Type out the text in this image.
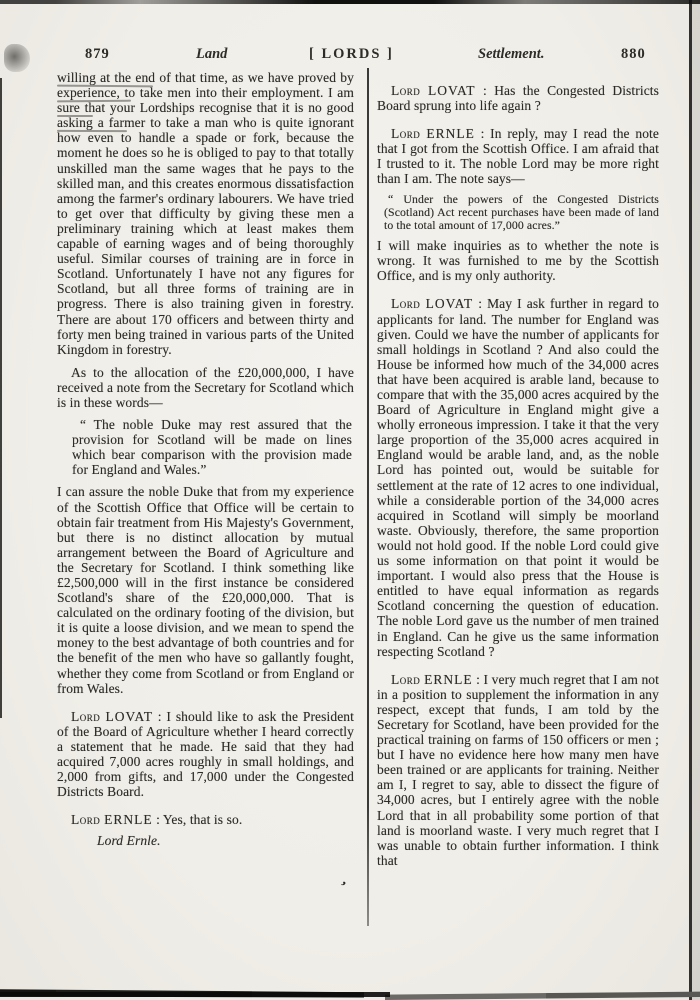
879	Land	[ LORDS ]	Settlement.	880

willing at the end of that time, as we have proved by experience, to take men into their employment. I am sure that your Lordships recognise that it is no good asking a farmer to take a man who is quite ignorant how even to handle a spade or fork, because the moment he does so he is obliged to pay to that totally unskilled man the same wages that he pays to the skilled man, and this creates enormous dissatisfaction among the farmer's ordinary labourers. We have tried to get over that difficulty by giving these men a preliminary training which at least makes them capable of earning wages and of being thoroughly useful. Similar courses of training are in force in Scotland. Unfortunately I have not any figures for Scotland, but all three forms of training are in progress. There is also training given in forestry. There are about 170 officers and between thirty and forty men being trained in various parts of the United Kingdom in forestry.

As to the allocation of the £20,000,000, I have received a note from the Secretary for Scotland which is in these words—

“ The noble Duke may rest assured that the provision for Scotland will be made on lines which bear comparison with the provision made for England and Wales.”

I can assure the noble Duke that from my experience of the Scottish Office that Office will be certain to obtain fair treatment from His Majesty's Government, but there is no distinct allocation by mutual arrangement between the Board of Agriculture and the Secretary for Scotland. I think something like £2,500,000 will in the first instance be considered Scotland's share of the £20,000,000. That is calculated on the ordinary footing of the division, but it is quite a loose division, and we mean to spend the money to the best advantage of both countries and for the benefit of the men who have so gallantly fought, whether they come from Scotland or from England or from Wales.

Lord LOVAT : I should like to ask the President of the Board of Agriculture whether I heard correctly a statement that he made. He said that they had acquired 7,000 acres roughly in small holdings, and 2,000 from gifts, and 17,000 under the Congested Districts Board.

Lord ERNLE : Yes, that is so.

Lord Ernle.

Lord LOVAT : Has the Congested Districts Board sprung into life again ?

Lord ERNLE : In reply, may I read the note that I got from the Scottish Office. I am afraid that I trusted to it. The noble Lord may be more right than I am. The note says—

“ Under the powers of the Congested Districts (Scotland) Act recent purchases have been made of land to the total amount of 17,000 acres.”

I will make inquiries as to whether the note is wrong. It was furnished to me by the Scottish Office, and is my only authority.

Lord LOVAT : May I ask further in regard to applicants for land. The number for England was given. Could we have the number of applicants for small holdings in Scotland ? And also could the House be informed how much of the 34,000 acres that have been acquired is arable land, because to compare that with the 35,000 acres acquired by the Board of Agriculture in England might give a wholly erroneous impression. I take it that the very large proportion of the 35,000 acres acquired in England would be arable land, and, as the noble Lord has pointed out, would be suitable for settlement at the rate of 12 acres to one individual, while a considerable portion of the 34,000 acres acquired in Scotland will simply be moorland waste. Obviously, therefore, the same proportion would not hold good. If the noble Lord could give us some information on that point it would be important. I would also press that the House is entitled to have equal information as regards Scotland concerning the question of education. The noble Lord gave us the number of men trained in England. Can he give us the same information respecting Scotland ?

Lord ERNLE : I very much regret that I am not in a position to supplement the information in any respect, except that funds, I am told by the Secretary for Scotland, have been provided for the practical training on farms of 150 officers or men ; but I have no evidence here how many men have been trained or are applicants for training. Neither am I, I regret to say, able to dissect the figure of 34,000 acres, but I entirely agree with the noble Lord that in all probability some portion of that land is moorland waste. I very much regret that I was unable to obtain further information. I think that

’
